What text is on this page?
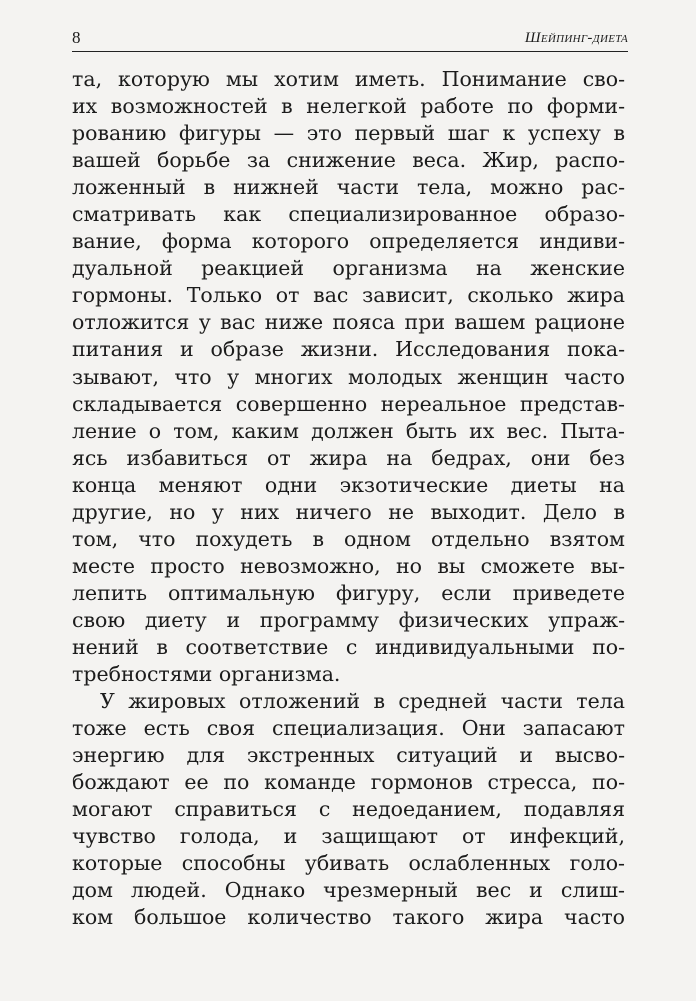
8	Шейпинг-диета
та, которую мы хотим иметь. Понимание сво-
их возможностей в нелегкой работе по форми-
рованию фигуры — это первый шаг к успеху в
вашей борьбе за снижение веса. Жир, распо-
ложенный в нижней части тела, можно рас-
сматривать как специализированное образо-
вание, форма которого определяется индиви-
дуальной реакцией организма на женские
гормоны. Только от вас зависит, сколько жира
отложится у вас ниже пояса при вашем рационе
питания и образе жизни. Исследования пока-
зывают, что у многих молодых женщин часто
складывается совершенно нереальное представ-
ление о том, каким должен быть их вес. Пыта-
ясь избавиться от жира на бедрах, они без
конца меняют одни экзотические диеты на
другие, но у них ничего не выходит. Дело в
том, что похудеть в одном отдельно взятом
месте просто невозможно, но вы сможете вы-
лепить оптимальную фигуру, если приведете
свою диету и программу физических упраж-
нений в соответствие с индивидуальными по-
требностями организма.
У жировых отложений в средней части тела
тоже есть своя специализация. Они запасают
энергию для экстренных ситуаций и высво-
бождают ее по команде гормонов стресса, по-
могают справиться с недоеданием, подавляя
чувство голода, и защищают от инфекций,
которые способны убивать ослабленных голо-
дом людей. Однако чрезмерный вес и слиш-
ком большое количество такого жира часто
